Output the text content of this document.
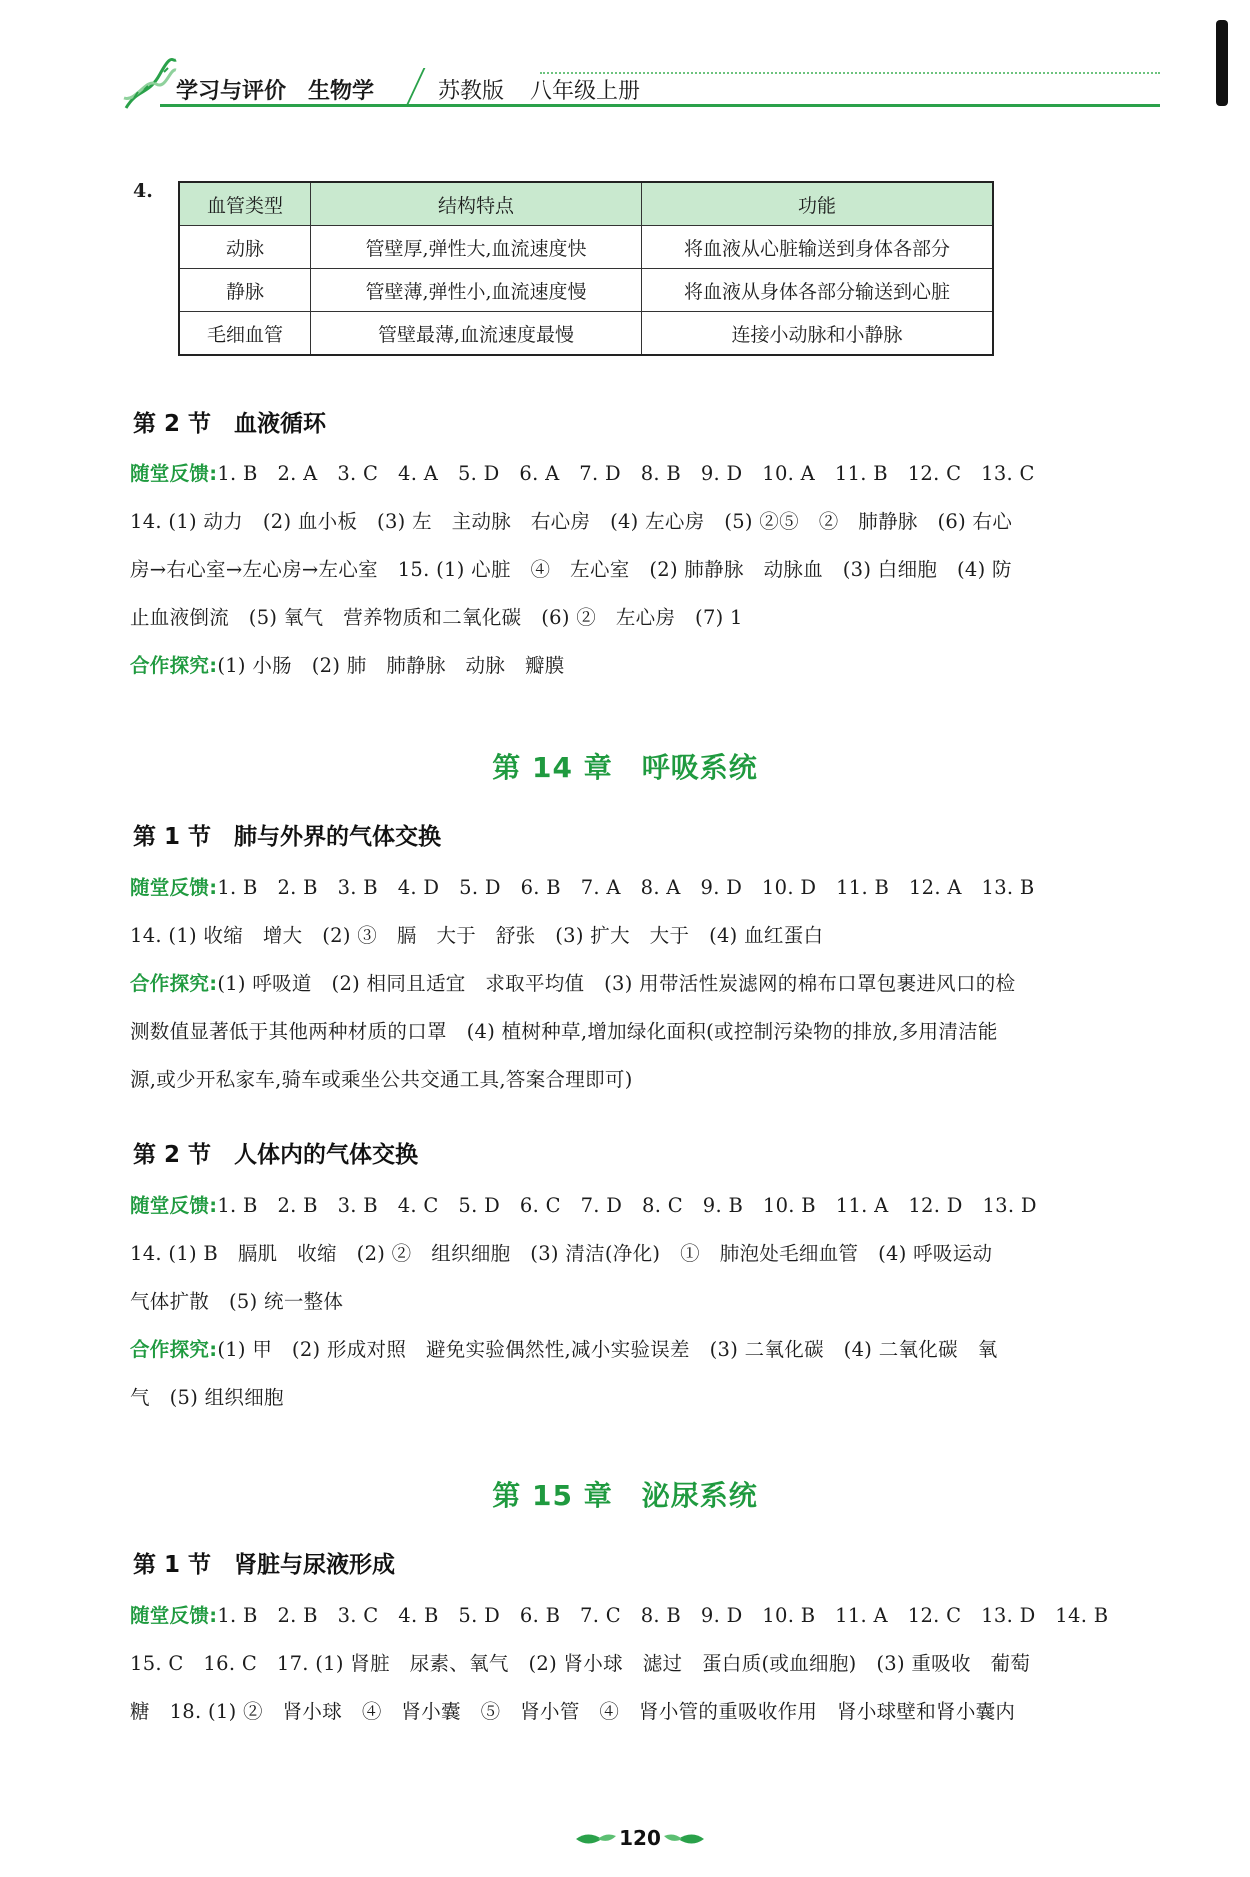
学习与评价 生物学	苏教版 八年级上册
4.
血管类型	结构特点	功能
动脉	管壁厚,弹性大,血流速度快	将血液从心脏输送到身体各部分
静脉	管壁薄,弹性小,血流速度慢	将血液从身体各部分输送到心脏
毛细血管	管壁最薄,血流速度最慢	连接小动脉和小静脉
第 2 节　血液循环
随堂反馈:1. B　2. A　3. C　4. A　5. D　6. A　7. D　8. B　9. D　10. A　11. B　12. C　13. C
14. (1) 动力　(2) 血小板　(3) 左　主动脉　右心房　(4) 左心房　(5) ②⑤　②　肺静脉　(6) 右心
房→右心室→左心房→左心室　15. (1) 心脏　④　左心室　(2) 肺静脉　动脉血　(3) 白细胞　(4) 防
止血液倒流　(5) 氧气　营养物质和二氧化碳　(6) ②　左心房　(7) 1
合作探究:(1) 小肠　(2) 肺　肺静脉　动脉　瓣膜
第 14 章　呼吸系统
第 1 节　肺与外界的气体交换
随堂反馈:1. B　2. B　3. B　4. D　5. D　6. B　7. A　8. A　9. D　10. D　11. B　12. A　13. B
14. (1) 收缩　增大　(2) ③　膈　大于　舒张　(3) 扩大　大于　(4) 血红蛋白
合作探究:(1) 呼吸道　(2) 相同且适宜　求取平均值　(3) 用带活性炭滤网的棉布口罩包裹进风口的检
测数值显著低于其他两种材质的口罩　(4) 植树种草,增加绿化面积(或控制污染物的排放,多用清洁能
源,或少开私家车,骑车或乘坐公共交通工具,答案合理即可)
第 2 节　人体内的气体交换
随堂反馈:1. B　2. B　3. B　4. C　5. D　6. C　7. D　8. C　9. B　10. B　11. A　12. D　13. D
14. (1) B　膈肌　收缩　(2) ②　组织细胞　(3) 清洁(净化)　①　肺泡处毛细血管　(4) 呼吸运动
气体扩散　(5) 统一整体
合作探究:(1) 甲　(2) 形成对照　避免实验偶然性,减小实验误差　(3) 二氧化碳　(4) 二氧化碳　氧
气　(5) 组织细胞
第 15 章　泌尿系统
第 1 节　肾脏与尿液形成
随堂反馈:1. B　2. B　3. C　4. B　5. D　6. B　7. C　8. B　9. D　10. B　11. A　12. C　13. D　14. B
15. C　16. C　17. (1) 肾脏　尿素、氧气　(2) 肾小球　滤过　蛋白质(或血细胞)　(3) 重吸收　葡萄
糖　18. (1) ②　肾小球　④　肾小囊　⑤　肾小管　④　肾小管的重吸收作用　肾小球壁和肾小囊内
120
